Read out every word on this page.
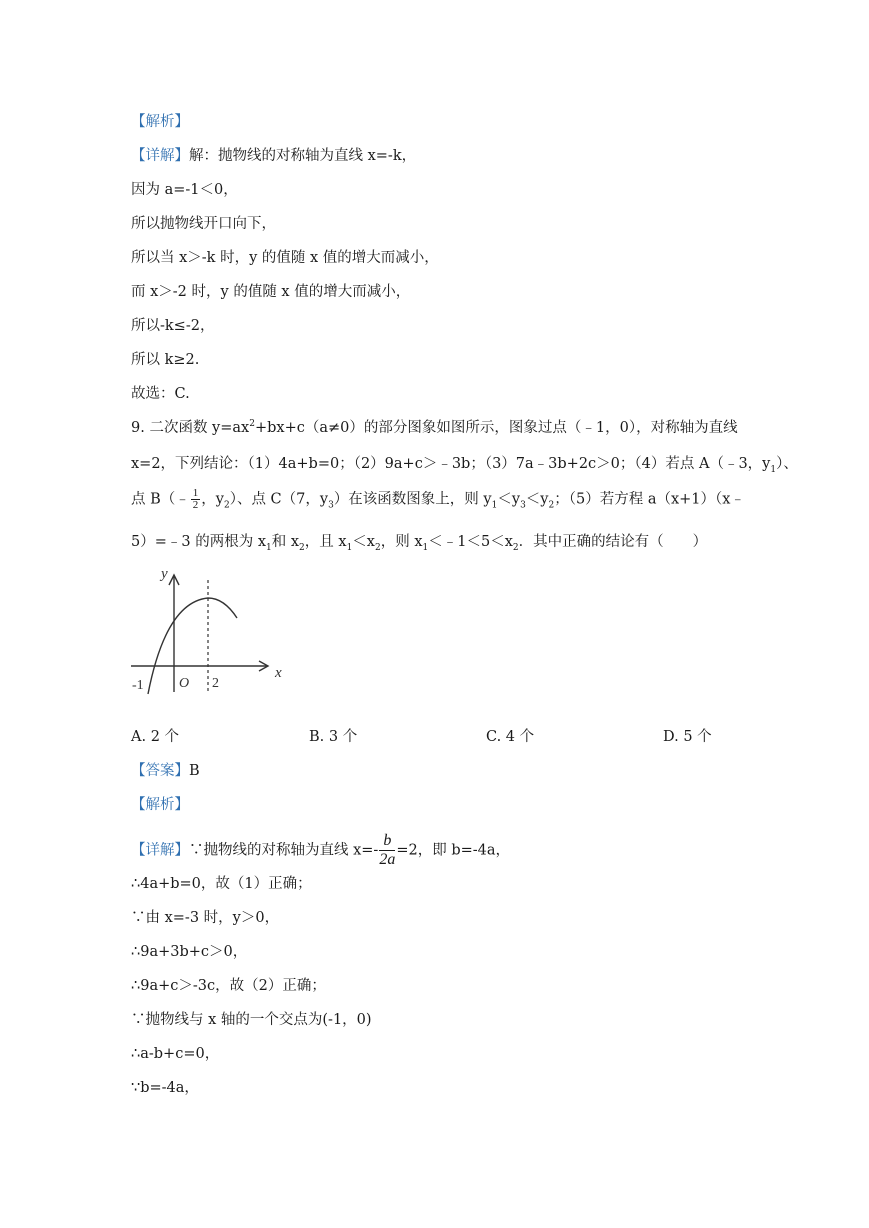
【解析】
【详解】解：抛物线的对称轴为直线 x=-k，
因为 a=-1＜0，
所以抛物线开口向下，
所以当 x＞-k 时，y 的值随 x 值的增大而减小，
而 x＞-2 时，y 的值随 x 值的增大而减小，
所以-k≤-2，
所以 k≥2.
故选：C.
9. 二次函数 $y=ax^2+bx+c(a\ne 0)$的部分图象如图所示，图象过点（﹣1，0），对称轴为直线
x=2，下列结论：（1）4a+b=0；（2）9a+c＞﹣3b；（3）7a﹣3b+2c＞0；（4）若点 A（﹣3，$y_1$）、
点 B（﹣ $\frac{1}{2}$ ，$y_2$）、点 C（7，$y_3$）在该函数图象上，则 $y_1<y_3<y_2$；（5）若方程 a（x+1）（x﹣
5）=﹣3 的两根为 $x_1$和 $x_2$，且 $x_1<x_2$，则 $x_1<﹣1<5<x_2$．其中正确的结论有（　　）
y
x
O
-1	2
A. 2 个	B. 3 个	C. 4 个	D. 5 个
【答案】B
【解析】
【详解】∵抛物线的对称轴为直线 $x=- \frac{b}{2a} =2$，即 b=-4a，
∴4a+b=0，故（1）正确；
∵由 x=-3 时，y＞0，
∴9a+3b+c＞0，
∴9a+c＞-3c，故（2）正确；
∵抛物线与 x 轴的一个交点为(-1，0)
∴a-b+c=0，
∵b=-4a，
